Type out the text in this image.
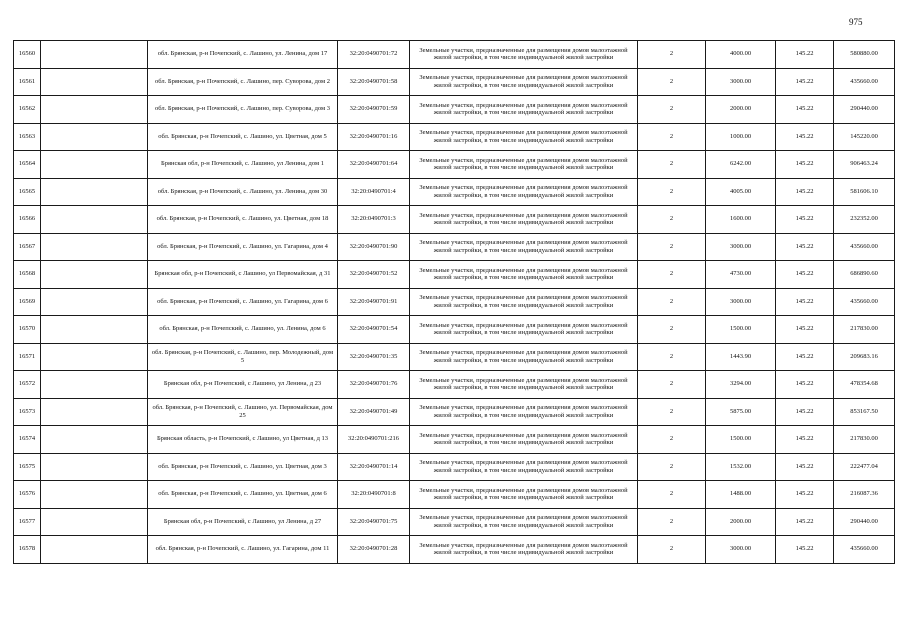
975
16560		обл. Брянская, р-н Почепский, с. Лашино, ул. Ленина, дом 17	32:20:0490701:72	Земельные участки, предназначенные для размещения домов малоэтажной жилой застройки, в том числе индивидуальной жилой застройки	2	4000.00	145.22	580880.00
16561		обл. Брянская, р-н Почепский, с. Лашино, пер. Суворова, дом 2	32:20:0490701:58	Земельные участки, предназначенные для размещения домов малоэтажной жилой застройки, в том числе индивидуальной жилой застройки	2	3000.00	145.22	435660.00
16562		обл. Брянская, р-н Почепский, с. Лашино, пер. Суворова, дом 3	32:20:0490701:59	Земельные участки, предназначенные для размещения домов малоэтажной жилой застройки, в том числе индивидуальной жилой застройки	2	2000.00	145.22	290440.00
16563		обл. Брянская, р-н Почепский, с. Лашино, ул. Цветная, дом 5	32:20:0490701:16	Земельные участки, предназначенные для размещения домов малоэтажной жилой застройки, в том числе индивидуальной жилой застройки	2	1000.00	145.22	145220.00
16564		Брянская обл, р-н Почепский, с. Лашино, ул Ленина, дом 1	32:20:0490701:64	Земельные участки, предназначенные для размещения домов малоэтажной жилой застройки, в том числе индивидуальной жилой застройки	2	6242.00	145.22	906463.24
16565		обл. Брянская, р-н Почепский, с. Лашино, ул. Ленина, дом 30	32:20:0490701:4	Земельные участки, предназначенные для размещения домов малоэтажной жилой застройки, в том числе индивидуальной жилой застройки	2	4005.00	145.22	581606.10
16566		обл. Брянская, р-н Почепский, с. Лашино, ул. Цветная, дом 18	32:20:0490701:3	Земельные участки, предназначенные для размещения домов малоэтажной жилой застройки, в том числе индивидуальной жилой застройки	2	1600.00	145.22	232352.00
16567		обл. Брянская, р-н Почепский, с. Лашино, ул. Гагарина, дом 4	32:20:0490701:90	Земельные участки, предназначенные для размещения домов малоэтажной жилой застройки, в том числе индивидуальной жилой застройки	2	3000.00	145.22	435660.00
16568		Брянская обл, р-н Почепский, с Лашино, ул Первомайская, д 31	32:20:0490701:52	Земельные участки, предназначенные для размещения домов малоэтажной жилой застройки, в том числе индивидуальной жилой застройки	2	4730.00	145.22	686890.60
16569		обл. Брянская, р-н Почепский, с. Лашино, ул. Гагарина, дом 6	32:20:0490701:91	Земельные участки, предназначенные для размещения домов малоэтажной жилой застройки, в том числе индивидуальной жилой застройки	2	3000.00	145.22	435660.00
16570		обл. Брянская, р-н Почепский, с. Лашино, ул. Ленина, дом 6	32:20:0490701:54	Земельные участки, предназначенные для размещения домов малоэтажной жилой застройки, в том числе индивидуальной жилой застройки	2	1500.00	145.22	217830.00
16571		обл. Брянская, р-н Почепский, с. Лашино, пер. Молодежный, дом 5	32:20:0490701:35	Земельные участки, предназначенные для размещения домов малоэтажной жилой застройки, в том числе индивидуальной жилой застройки	2	1443.90	145.22	209683.16
16572		Брянская обл, р-н Почепский, с Лашино, ул Ленина, д 23	32:20:0490701:76	Земельные участки, предназначенные для размещения домов малоэтажной жилой застройки, в том числе индивидуальной жилой застройки	2	3294.00	145.22	478354.68
16573		обл. Брянская, р-н Почепский, с. Лашино, ул. Первомайская, дом 25	32:20:0490701:49	Земельные участки, предназначенные для размещения домов малоэтажной жилой застройки, в том числе индивидуальной жилой застройки	2	5875.00	145.22	853167.50
16574		Брянская область, р-н Почепский, с Лашино, ул Цветная, д 13	32:20:0490701:216	Земельные участки, предназначенные для размещения домов малоэтажной жилой застройки, в том числе индивидуальной жилой застройки	2	1500.00	145.22	217830.00
16575		обл. Брянская, р-н Почепский, с. Лашино, ул. Цветная, дом 3	32:20:0490701:14	Земельные участки, предназначенные для размещения домов малоэтажной жилой застройки, в том числе индивидуальной жилой застройки	2	1532.00	145.22	222477.04
16576		обл. Брянская, р-н Почепский, с. Лашино, ул. Цветная, дом 6	32:20:0490701:8	Земельные участки, предназначенные для размещения домов малоэтажной жилой застройки, в том числе индивидуальной жилой застройки	2	1488.00	145.22	216087.36
16577		Брянская обл, р-н Почепский, с Лашино, ул Ленина, д 27	32:20:0490701:75	Земельные участки, предназначенные для размещения домов малоэтажной жилой застройки, в том числе индивидуальной жилой застройки	2	2000.00	145.22	290440.00
16578		обл. Брянская, р-н Почепский, с. Лашино, ул. Гагарина, дом 11	32:20:0490701:28	Земельные участки, предназначенные для размещения домов малоэтажной жилой застройки, в том числе индивидуальной жилой застройки	2	3000.00	145.22	435660.00
